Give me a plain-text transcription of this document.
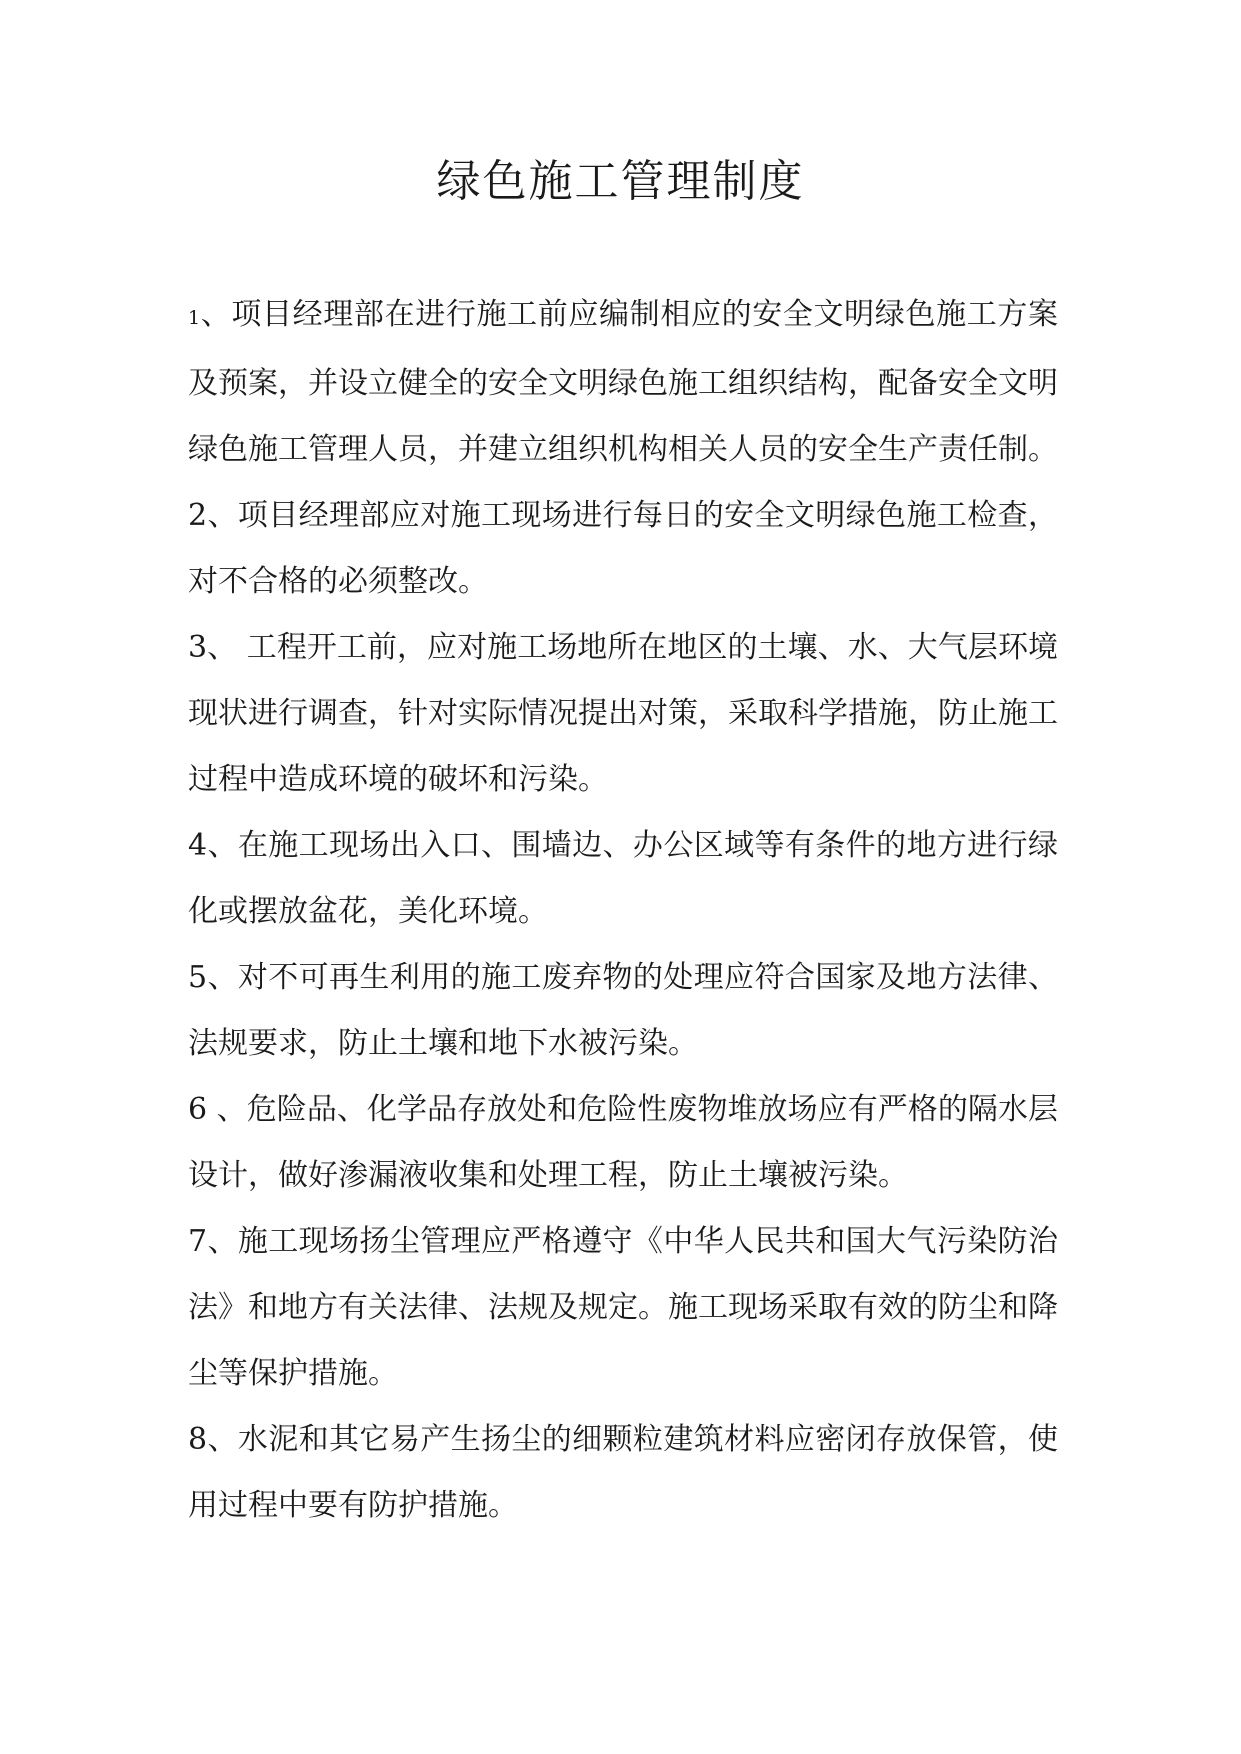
绿色施工管理制度

1、项目经理部在进行施工前应编制相应的安全文明绿色施工方案及预案，并设立健全的安全文明绿色施工组织结构，配备安全文明绿色施工管理人员，并建立组织机构相关人员的安全生产责任制。

2、项目经理部应对施工现场进行每日的安全文明绿色施工检查，对不合格的必须整改。

3、 工程开工前，应对施工场地所在地区的土壤、水、大气层环境现状进行调查，针对实际情况提出对策，采取科学措施，防止施工过程中造成环境的破坏和污染。

4、在施工现场出入口、围墙边、办公区域等有条件的地方进行绿化或摆放盆花，美化环境。

5、对不可再生利用的施工废弃物的处理应符合国家及地方法律、法规要求，防止土壤和地下水被污染。

6 、危险品、化学品存放处和危险性废物堆放场应有严格的隔水层设计，做好渗漏液收集和处理工程，防止土壤被污染。

7、施工现场扬尘管理应严格遵守《中华人民共和国大气污染防治法》和地方有关法律、法规及规定。施工现场采取有效的防尘和降尘等保护措施。

8、水泥和其它易产生扬尘的细颗粒建筑材料应密闭存放保管，使用过程中要有防护措施。
